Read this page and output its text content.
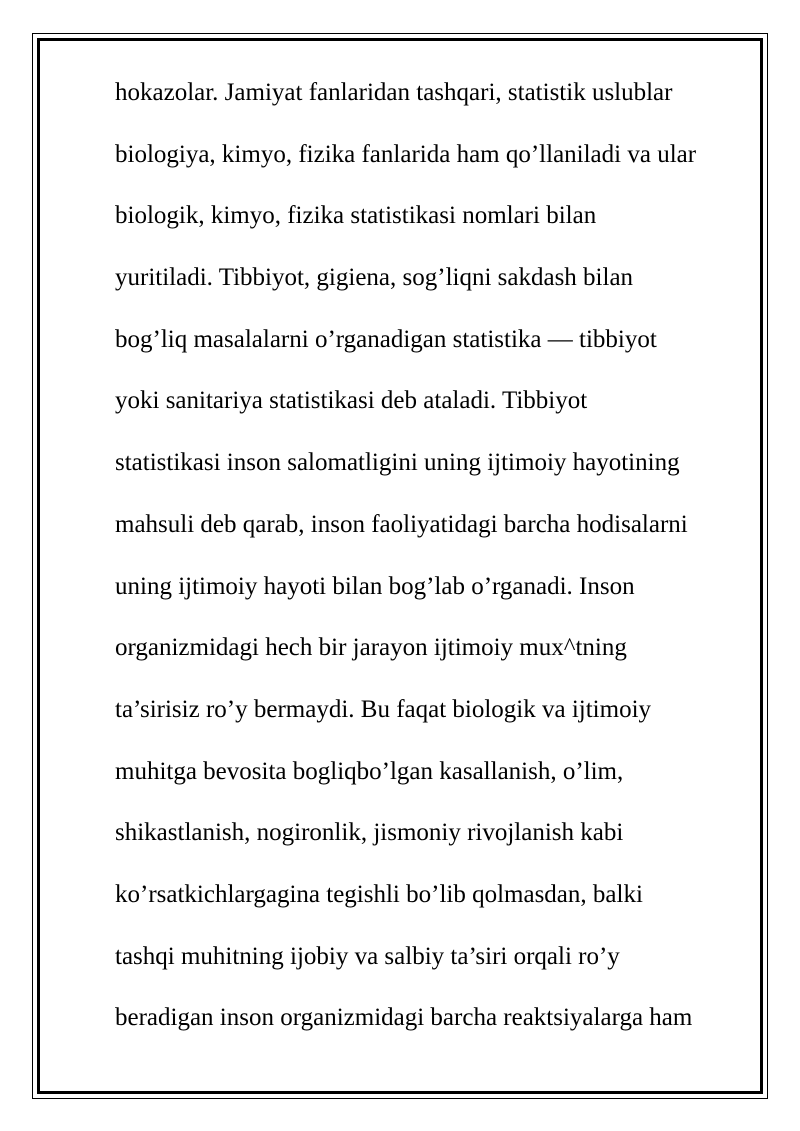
hokazolar. Jamiyat fanlaridan tashqari, statistik uslublar
biologiya, kimyo, fizika fanlarida ham qo’llaniladi va ular
biologik, kimyo, fizika statistikasi nomlari bilan
yuritiladi. Tibbiyot, gigiena, sog’liqni sakdash bilan
bog’liq masalalarni o’rganadigan statistika — tibbiyot
yoki sanitariya statistikasi deb ataladi. Tibbiyot
statistikasi inson salomatligini uning ijtimoiy hayotining
mahsuli deb qarab, inson faoliyatidagi barcha hodisalarni
uning ijtimoiy hayoti bilan bog’lab o’rganadi. Inson
organizmidagi hech bir jarayon ijtimoiy mux^tning
ta’sirisiz ro’y bermaydi. Bu faqat biologik va ijtimoiy
muhitga bevosita bogliqbo’lgan kasallanish, o’lim,
shikastlanish, nogironlik, jismoniy rivojlanish kabi
ko’rsatkichlargagina tegishli bo’lib qolmasdan, balki
tashqi muhitning ijobiy va salbiy ta’siri orqali ro’y
beradigan inson organizmidagi barcha reaktsiyalarga ham
